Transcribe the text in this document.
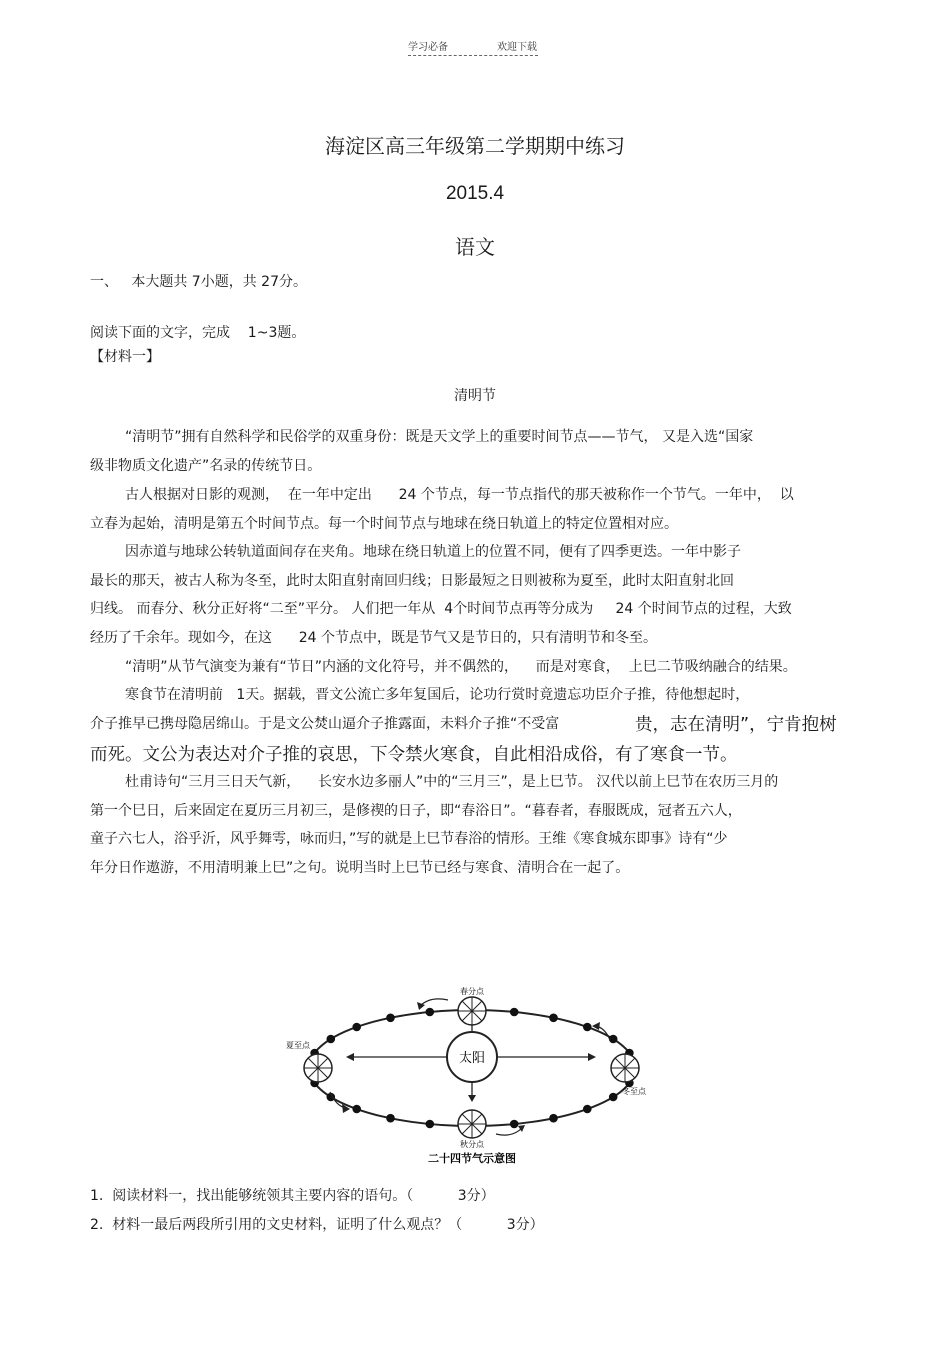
学习必备	欢迎下载
海淀区高三年级第二学期期中练习
2015.4
语文
一、   本大题共 7小题，共 27分。
阅读下面的文字，完成    1~3题。
【材料一】
清明节
“清明节”拥有自然科学和民俗学的双重身份：既是天文学上的重要时间节点——节气， 又是入选“国家
级非物质文化遗产”名录的传统节日。
古人根据对日影的观测，  在一年中定出      24 个节点，每一节点指代的那天被称作一个节气。一年中，  以
立春为起始，清明是第五个时间节点。每一个时间节点与地球在绕日轨道上的特定位置相对应。
因赤道与地球公转轨道面间存在夹角。地球在绕日轨道上的位置不同，便有了四季更迭。一年中影子
最长的那天，被古人称为冬至，此时太阳直射南回归线；日影最短之日则被称为夏至，此时太阳直射北回
归线。 而春分、秋分正好将“二至”平分。 人们把一年从  4个时间节点再等分成为     24 个时间节点的过程，大致
经历了千余年。现如今，在这      24 个节点中，既是节气又是节日的，只有清明节和冬至。
“清明”从节气演变为兼有“节日”内涵的文化符号，并不偶然的，    而是对寒食，  上巳二节吸纳融合的结果。
寒食节在清明前   1天。据载，晋文公流亡多年复国后，论功行赏时竟遗忘功臣介子推，待他想起时，
介子推早已携母隐居绵山。于是文公焚山逼介子推露面，未料介子推“不受富	贵，志在清明”，宁肯抱树
而死。文公为表达对介子推的哀思，下令禁火寒食，自此相沿成俗，有了寒食一节。
杜甫诗句“三月三日天气新，    长安水边多丽人”中的“三月三”，是上巳节。 汉代以前上巳节在农历三月的
第一个巳日，后来固定在夏历三月初三，是修禊的日子，即“春浴日”。“暮春者，春服既成，冠者五六人，
童子六七人，浴乎沂，风乎舞雩，咏而归，”写的就是上巳节春浴的情形。王维《寒食城东即事》诗有“少
年分日作遨游，不用清明兼上巳”之句。说明当时上巳节已经与寒食、清明合在一起了。
太阳
春分点
夏至点
秋分点
冬至点
二十四节气示意图
1.  阅读材料一，找出能够统领其主要内容的语句。（          3分）
2.  材料一最后两段所引用的文史材料，证明了什么观点？（          3分）
